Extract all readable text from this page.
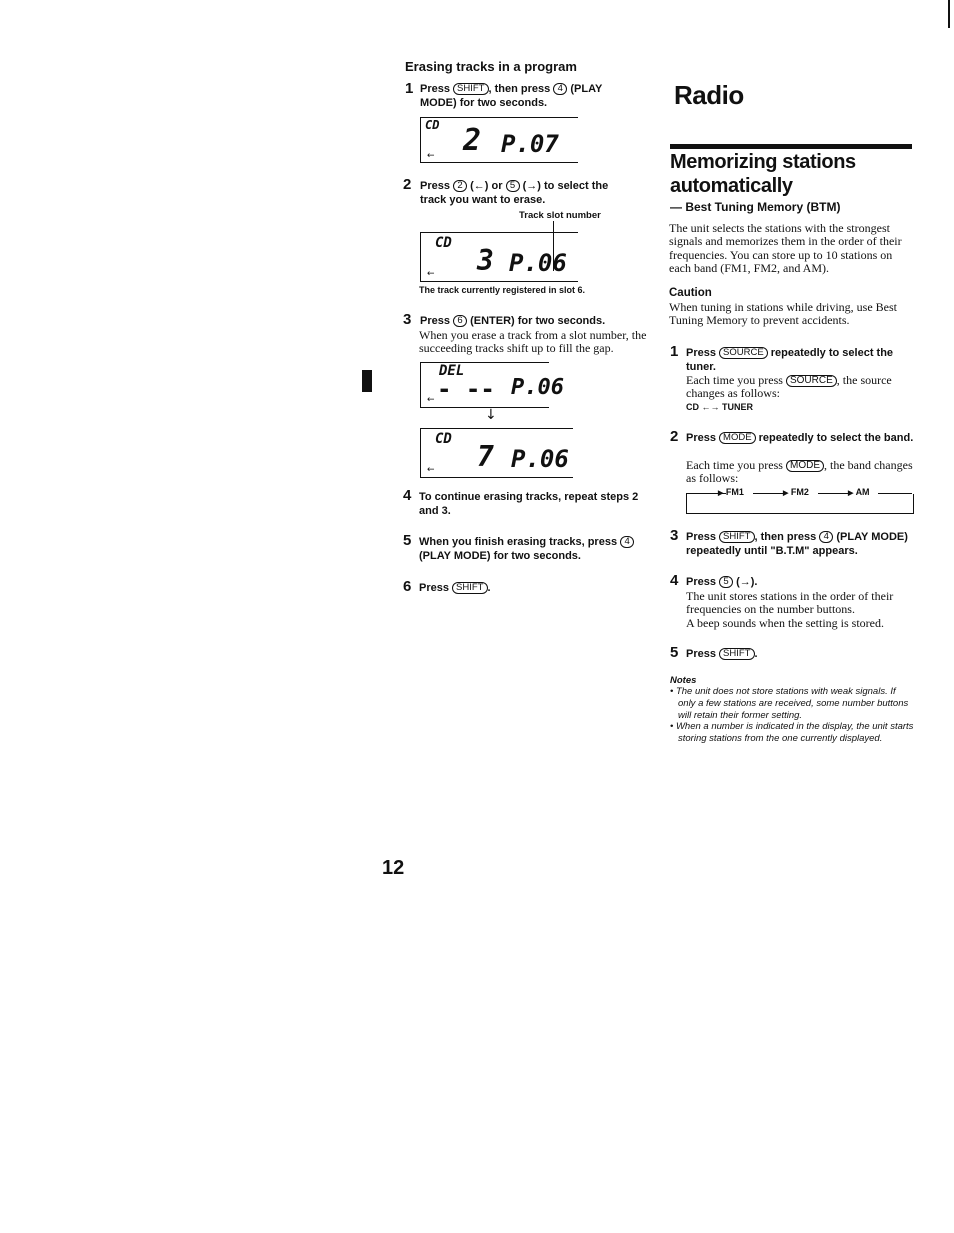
Erasing tracks in a program
1 Press SHIFT , then press 4 (PLAY MODE) for two seconds.
CD 2 P.07
←
2 Press 2 (←) or 5 (→) to select the track you want to erase.
Track slot number
CD
3 P.06
←
The track currently registered in slot 6.
3 Press 6 (ENTER) for two seconds.
When you erase a track from a slot number, the succeeding tracks shift up to fill the gap.
DEL
- -- P.06
←
↓
CD
7 P.06
←
4 To continue erasing tracks, repeat steps 2 and 3.
5 When you finish erasing tracks, press 4 (PLAY MODE) for two seconds.
6 Press SHIFT .
Radio
Memorizing stations
automatically
— Best Tuning Memory (BTM)
The unit selects the stations with the strongest signals and memorizes them in the order of their frequencies. You can store up to 10 stations on each band (FM1, FM2, and AM).
Caution
When tuning in stations while driving, use Best Tuning Memory to prevent accidents.
1 Press SOURCE repeatedly to select the tuner.
Each time you press SOURCE , the source changes as follows:
CD ←→ TUNER
2 Press MODE repeatedly to select the band.
Each time you press MODE , the band changes as follows:
▶ FM1	▶ FM2	▶ AM
3 Press SHIFT , then press 4 (PLAY MODE) repeatedly until "B.T.M" appears.
4 Press 5 (→).
The unit stores stations in the order of their frequencies on the number buttons.
A beep sounds when the setting is stored.
5 Press SHIFT .
Notes
• The unit does not store stations with weak signals. If only a few stations are received, some number buttons will retain their former setting.
• When a number is indicated in the display, the unit starts storing stations from the one currently displayed.
12
